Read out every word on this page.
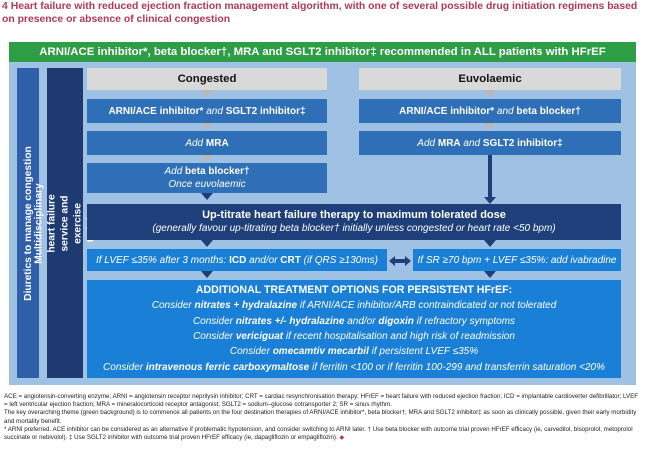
4 Heart failure with reduced ejection fraction management algorithm, with one of several possible drug initiation regimens based on presence or absence of clinical congestion
ARNI/ACE inhibitor*, beta blocker†, MRA and SGLT2 inhibitor‡ recommended in ALL patients with HFrEF
Diuretics to manage congestion Multidisciplinary heart failure service and exercise
Congested	Euvolaemic
ARNI/ACE inhibitor* and SGLT2 inhibitor‡
Add MRA
Add beta blocker†
Once euvolaemic
ARNI/ACE inhibitor* and beta blocker†
Add MRA and SGLT2 inhibitor‡
Up-titrate heart failure therapy to maximum tolerated dose
(generally favour up-titrating beta blocker† initially unless congested or heart rate <50 bpm)
If LVEF ≤35% after 3 months: ICD and/or CRT (if QRS ≥130ms)	If SR ≥70 bpm + LVEF ≤35%: add ivabradine
ADDITIONAL TREATMENT OPTIONS FOR PERSISTENT HFrEF:
Consider nitrates + hydralazine if ARNI/ACE inhibitor/ARB contraindicated or not tolerated
Consider nitrates +/- hydralazine and/or digoxin if refractory symptoms
Consider vericiguat if recent hospitalisation and high risk of readmission
Consider omecamtiv mecarbil if persistent LVEF ≤35%
Consider intravenous ferric carboxymaltose if ferritin <100 or if ferritin 100-299 and transferrin saturation <20%

ACE = angiotensin-converting enzyme; ARNI = angiotensin receptor neprilysin inhibitor; CRT = cardiac resynchronisation therapy; HFrEF = heart failure with reduced ejection fraction; ICD = implantable cardioverter defibrillator; LVEF = left ventricular ejection fraction; MRA = mineralocorticoid receptor antagonist; SGLT2 = sodium–glucose cotransporter 2; SR = sinus rhythm.

The key overarching theme (green background) is to commence all patients on the four destination therapies of ARNI/ACE inhibitor*, beta blocker†, MRA and SGLT2 inhibitor‡ as soon as clinically possible, given their early morbidity and mortality benefit.

* ARNI preferred. ACE inhibitor can be considered as an alternative if problematic hypotension, and consider switching to ARNI later. † Use beta blocker with outcome trial proven HFrEF efficacy (ie, carvedilol, bisoprolol, metoprolol succinate or nebivolol). ‡ Use SGLT2 inhibitor with outcome trial proven HFrEF efficacy (ie, dapagliflozin or empagliflozin). ◆
